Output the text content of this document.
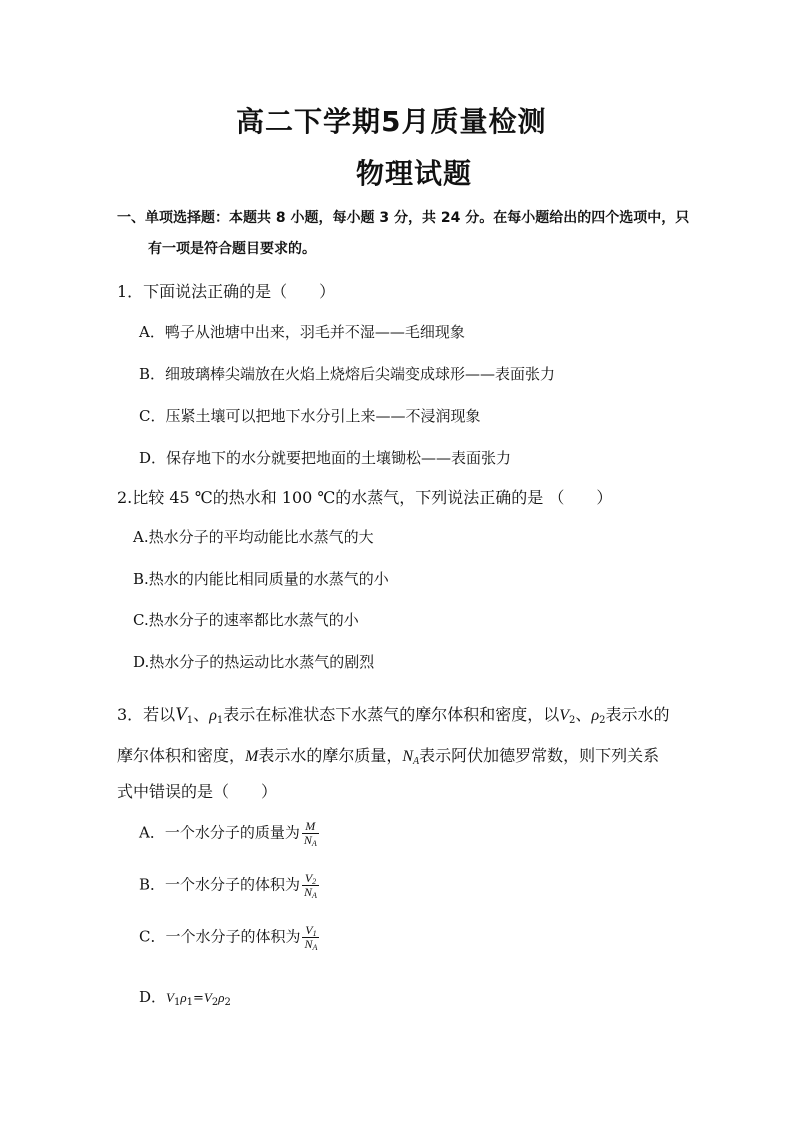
高二下学期5月质量检测
物理试题
一、单项选择题：本题共 8 小题，每小题 3 分，共 24 分。在每小题给出的四个选项中，只
有一项是符合题目要求的。
1．下面说法正确的是（　　）
A．鸭子从池塘中出来，羽毛并不湿——毛细现象
B．细玻璃棒尖端放在火焰上烧熔后尖端变成球形——表面张力
C．压紧土壤可以把地下水分引上来——不浸润现象
D．保存地下的水分就要把地面的土壤锄松——表面张力
2.比较 45 ℃的热水和 100 ℃的水蒸气，下列说法正确的是 （　　）
A.热水分子的平均动能比水蒸气的大
B.热水的内能比相同质量的水蒸气的小
C.热水分子的速率都比水蒸气的小
D.热水分子的热运动比水蒸气的剧烈
3．若以$V_1$、$\rho_1$表示在标准状态下水蒸气的摩尔体积和密度，以$V_2$、$\rho_2$表示水的
摩尔体积和密度，M表示水的摩尔质量，$N_A$表示阿伏加德罗常数，则下列关系
式中错误的是（　　）
A．一个水分子的质量为 $\frac{M}{N_A}$
B．一个水分子的体积为 $\frac{V_2}{N_A}$
C．一个水分子的体积为 $\frac{V_1}{N_A}$
D．$V_1\rho_1=V_2\rho_2$
